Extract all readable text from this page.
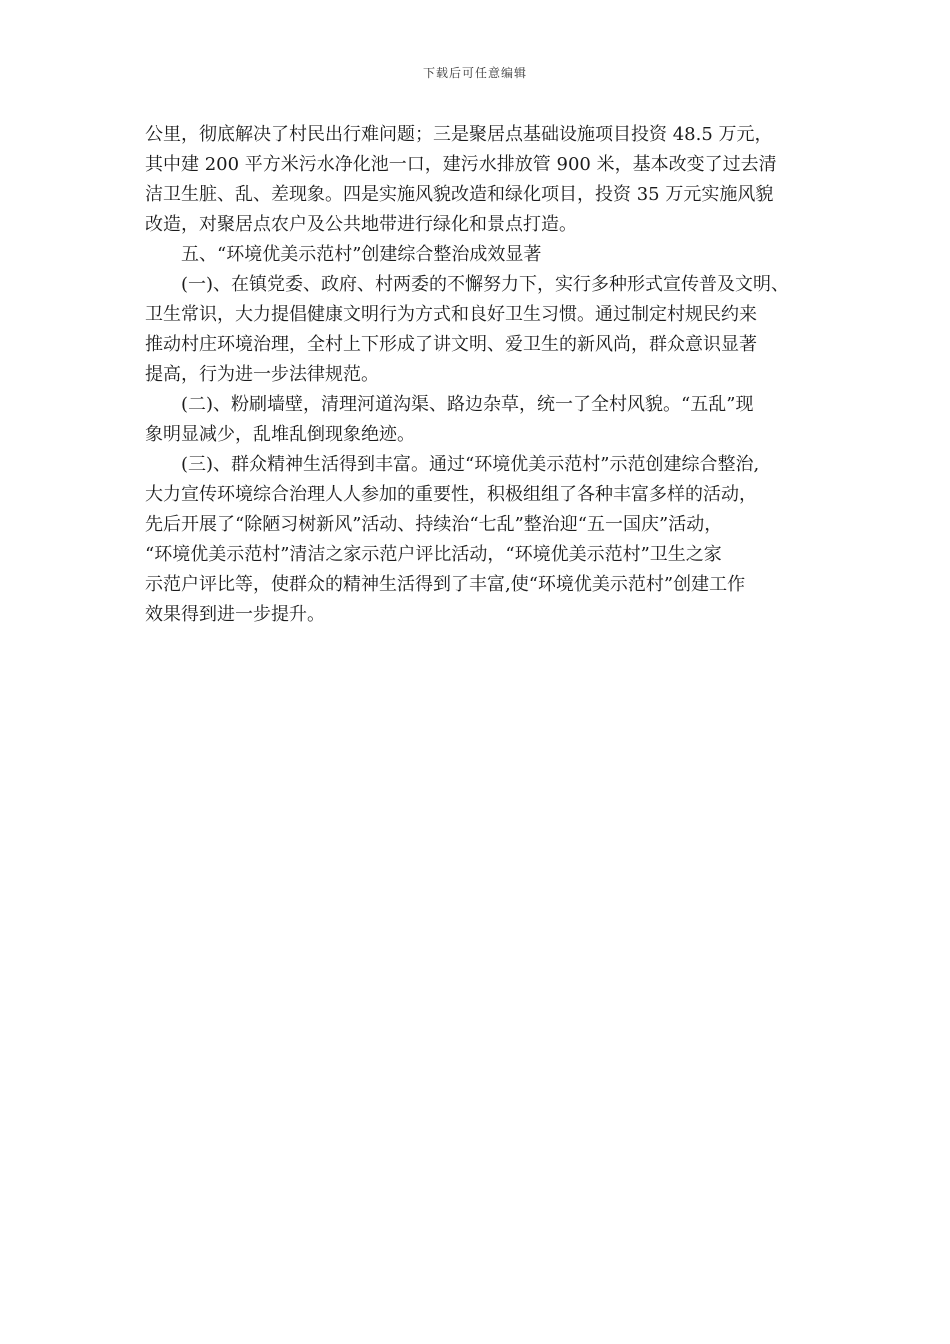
下载后可任意编辑
公里，彻底解决了村民出行难问题；三是聚居点基础设施项目投资 48.5 万元，
其中建 200 平方米污水净化池一口，建污水排放管 900 米，基本改变了过去清
洁卫生脏、乱、差现象。四是实施风貌改造和绿化项目，投资 35 万元实施风貌
改造，对聚居点农户及公共地带进行绿化和景点打造。
五、“环境优美示范村”创建综合整治成效显著
(一)、在镇党委、政府、村两委的不懈努力下，实行多种形式宣传普及文明、
卫生常识，大力提倡健康文明行为方式和良好卫生习惯。通过制定村规民约来
推动村庄环境治理，全村上下形成了讲文明、爱卫生的新风尚，群众意识显著
提高，行为进一步法律规范。
(二)、粉刷墙壁，清理河道沟渠、路边杂草，统一了全村风貌。“五乱”现
象明显减少，乱堆乱倒现象绝迹。
(三)、群众精神生活得到丰富。通过“环境优美示范村”示范创建综合整治,
大力宣传环境综合治理人人参加的重要性，积极组组了各种丰富多样的活动，
先后开展了“除陋习树新风”活动、持续治“七乱”整治迎“五一国庆”活动，
“环境优美示范村”清洁之家示范户评比活动，“环境优美示范村”卫生之家
示范户评比等，使群众的精神生活得到了丰富,使“环境优美示范村”创建工作
效果得到进一步提升。
